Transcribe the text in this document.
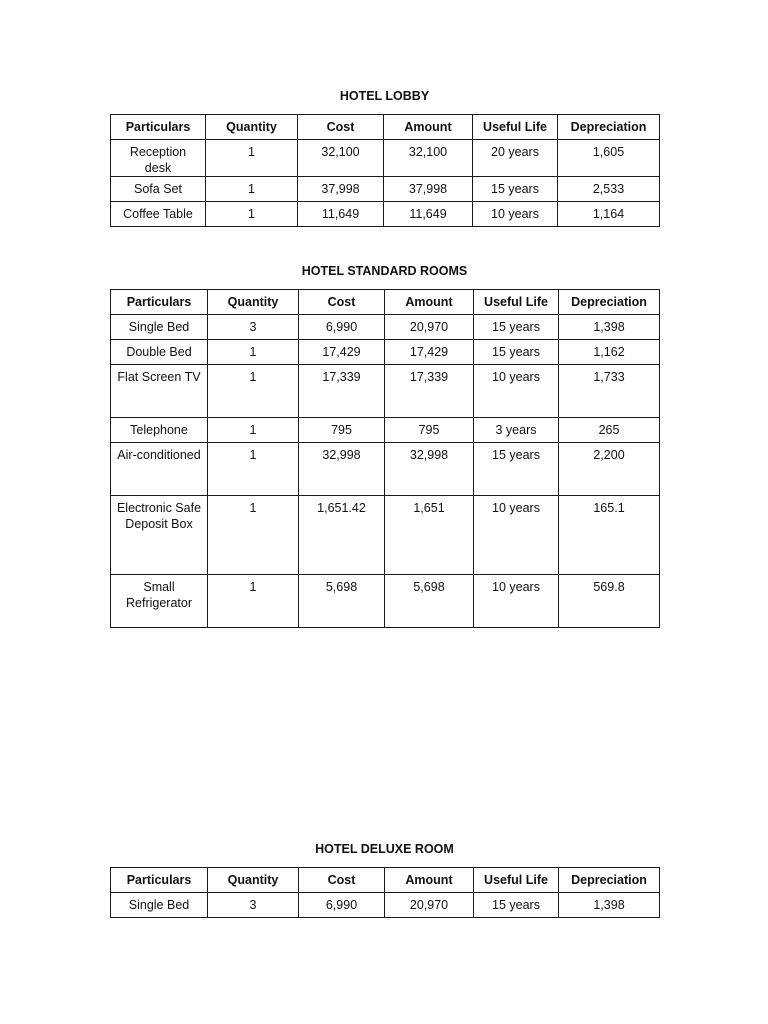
HOTEL LOBBY
Particulars	Quantity	Cost	Amount	Useful Life	Depreciation
Reception desk	1	32,100	32,100	20 years	1,605
Sofa Set	1	37,998	37,998	15 years	2,533
Coffee Table	1	11,649	11,649	10 years	1,164
HOTEL STANDARD ROOMS
Particulars	Quantity	Cost	Amount	Useful Life	Depreciation
Single Bed	3	6,990	20,970	15 years	1,398
Double Bed	1	17,429	17,429	15 years	1,162
Flat Screen TV	1	17,339	17,339	10 years	1,733
Telephone	1	795	795	3 years	265
Air-conditioned	1	32,998	32,998	15 years	2,200
Electronic Safe Deposit Box	1	1,651.42	1,651	10 years	165.1
Small Refrigerator	1	5,698	5,698	10 years	569.8
HOTEL DELUXE ROOM
Particulars	Quantity	Cost	Amount	Useful Life	Depreciation
Single Bed	3	6,990	20,970	15 years	1,398
